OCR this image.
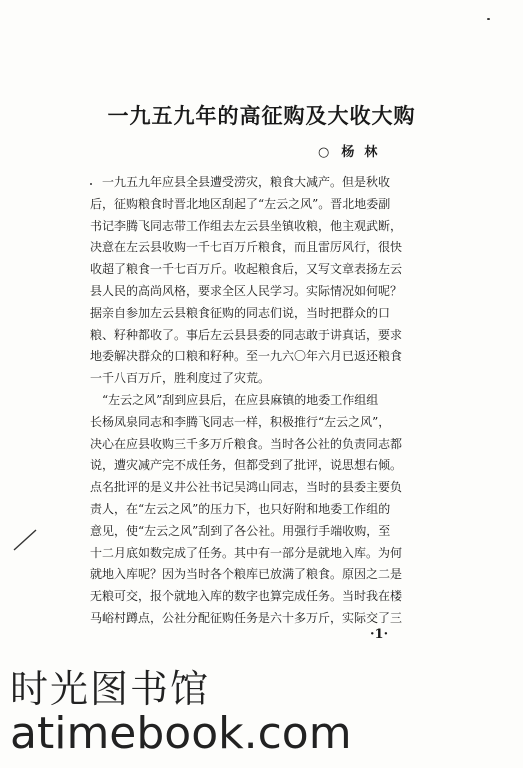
一九五九年的高征购及大收大购
○ 杨林
一九五九年应县全县遭受涝灾，粮食大减产。但是秋收
后，征购粮食时晋北地区刮起了“左云之风”。晋北地委副
书记李腾飞同志带工作组去左云县坐镇收粮，他主观武断，
决意在左云县收购一千七百万斤粮食，而且雷厉风行，很快
收超了粮食一千七百万斤。收起粮食后，又写文章表扬左云
县人民的高尚风格，要求全区人民学习。实际情况如何呢？
据亲自参加左云县粮食征购的同志们说，当时把群众的口
粮、籽种都收了。事后左云县县委的同志敢于讲真话，要求
地委解决群众的口粮和籽种。至一九六〇年六月已返还粮食
一千八百万斤，胜利度过了灾荒。
“左云之风”刮到应县后，在应县麻镇的地委工作组组
长杨凤泉同志和李腾飞同志一样，积极推行“左云之风”，
决心在应县收购三千多万斤粮食。当时各公社的负责同志都
说，遭灾减产完不成任务，但都受到了批评，说思想右倾。
点名批评的是义井公社书记吴鸿山同志，当时的县委主要负
责人，在“左云之风”的压力下，也只好附和地委工作组的
意见，使“左云之风”刮到了各公社。用强行手端收购，至
十二月底如数完成了任务。其中有一部分是就地入库。为何
就地入库呢？因为当时各个粮库已放满了粮食。原因之二是
无粮可交，报个就地入库的数字也算完成任务。当时我在楼
马峪村蹲点，公社分配征购任务是六十多万斤，实际交了三
·1·
时光图书馆
atimebook.com
